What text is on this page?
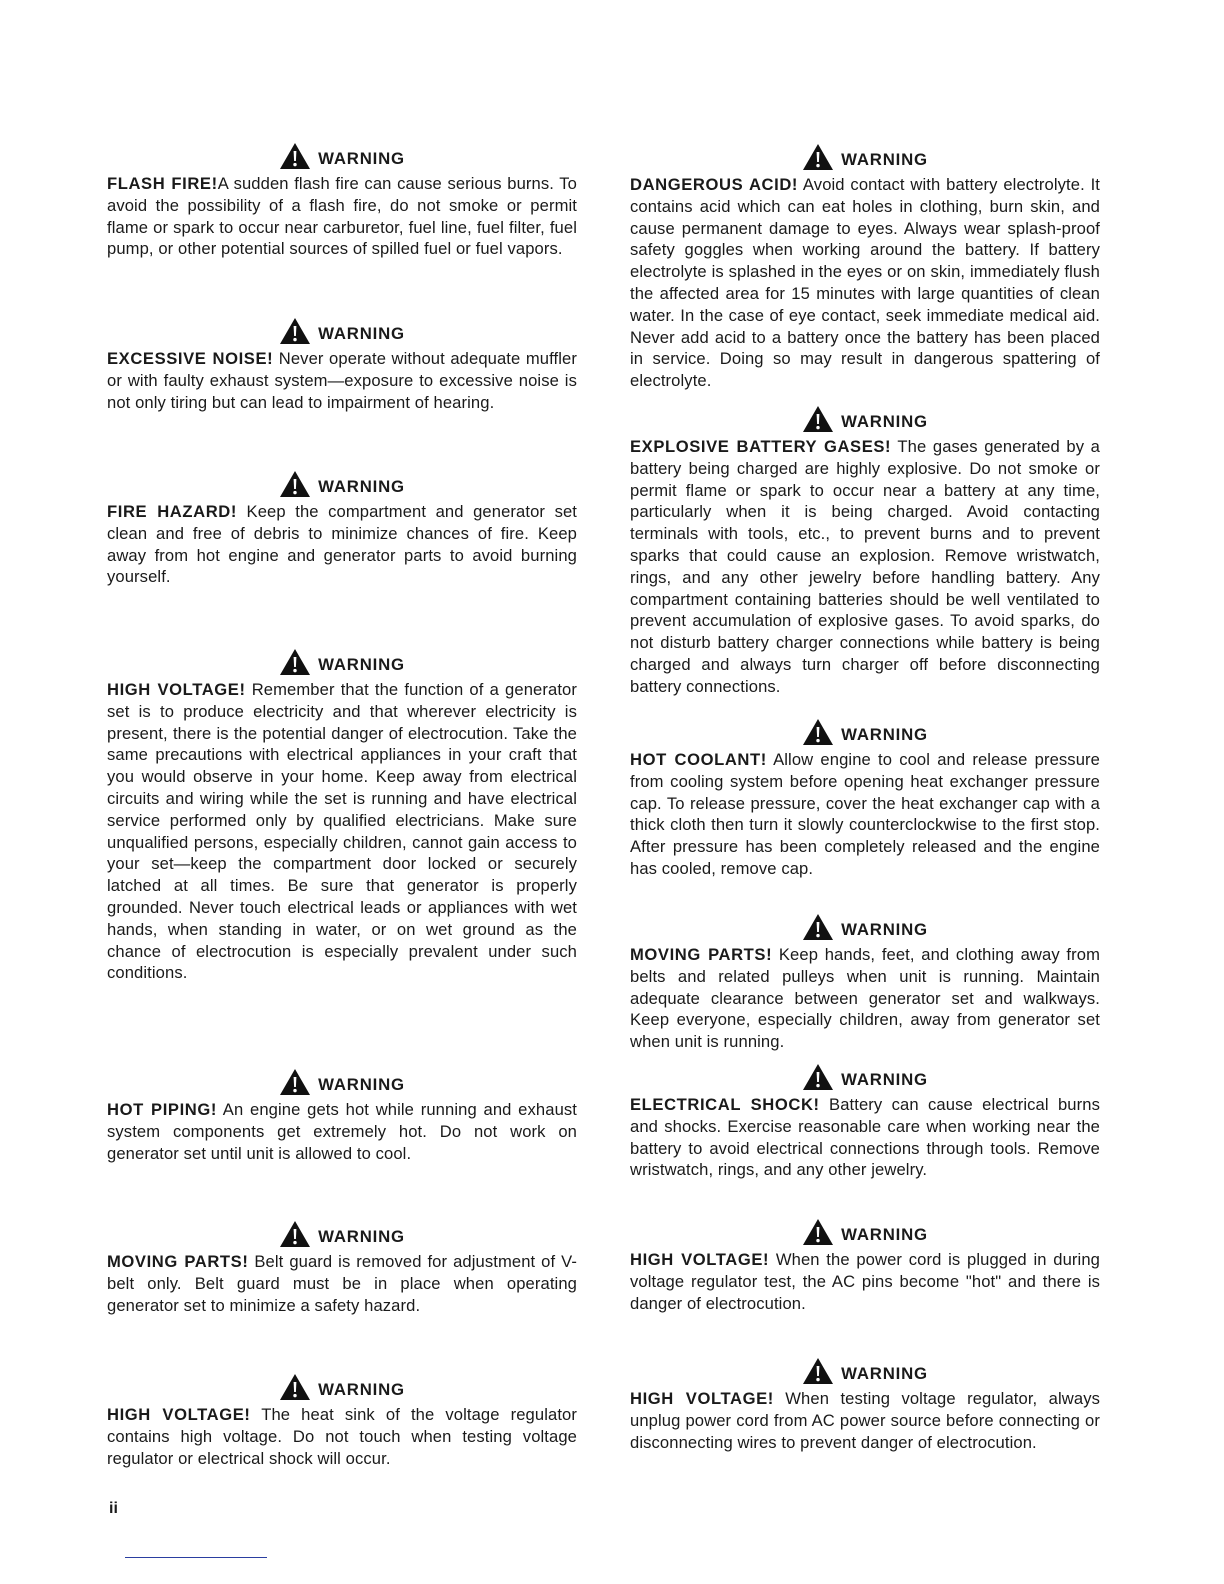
WARNING

FLASH FIRE!A sudden flash fire can cause serious burns. To avoid the possibility of a flash fire, do not smoke or permit flame or spark to occur near carburetor, fuel line, fuel filter, fuel pump, or other potential sources of spilled fuel or fuel vapors.

WARNING

EXCESSIVE NOISE! Never operate without adequate muffler or with faulty exhaust system—exposure to excessive noise is not only tiring but can lead to impairment of hearing.

WARNING

FIRE HAZARD! Keep the compartment and generator set clean and free of debris to minimize chances of fire. Keep away from hot engine and generator parts to avoid burning yourself.

WARNING

HIGH VOLTAGE! Remember that the function of a generator set is to produce electricity and that wherever electricity is present, there is the potential danger of electrocution. Take the same precautions with electrical appliances in your craft that you would observe in your home. Keep away from electrical circuits and wiring while the set is running and have electrical service performed only by qualified electricians. Make sure unqualified persons, especially children, cannot gain access to your set—keep the compartment door locked or securely latched at all times. Be sure that generator is properly grounded. Never touch electrical leads or appliances with wet hands, when standing in water, or on wet ground as the chance of electrocution is especially prevalent under such conditions.

WARNING

HOT PIPING! An engine gets hot while running and exhaust system components get extremely hot. Do not work on generator set until unit is allowed to cool.

WARNING

MOVING PARTS! Belt guard is removed for adjustment of V-belt only. Belt guard must be in place when operating generator set to minimize a safety hazard.

WARNING

HIGH VOLTAGE! The heat sink of the voltage regulator contains high voltage. Do not touch when testing voltage regulator or electrical shock will occur.

WARNING

DANGEROUS ACID! Avoid contact with battery electrolyte. It contains acid which can eat holes in clothing, burn skin, and cause permanent damage to eyes. Always wear splash-proof safety goggles when working around the battery. If battery electrolyte is splashed in the eyes or on skin, immediately flush the affected area for 15 minutes with large quantities of clean water. In the case of eye contact, seek immediate medical aid. Never add acid to a battery once the battery has been placed in service. Doing so may result in dangerous spattering of electrolyte.

WARNING

EXPLOSIVE BATTERY GASES! The gases generated by a battery being charged are highly explosive. Do not smoke or permit flame or spark to occur near a battery at any time, particularly when it is being charged. Avoid contacting terminals with tools, etc., to prevent burns and to prevent sparks that could cause an explosion. Remove wristwatch, rings, and any other jewelry before handling battery. Any compartment containing batteries should be well ventilated to prevent accumulation of explosive gases. To avoid sparks, do not disturb battery charger connections while battery is being charged and always turn charger off before disconnecting battery connections.

WARNING

HOT COOLANT! Allow engine to cool and release pressure from cooling system before opening heat exchanger pressure cap. To release pressure, cover the heat exchanger cap with a thick cloth then turn it slowly counterclockwise to the first stop. After pressure has been completely released and the engine has cooled, remove cap.

WARNING

MOVING PARTS! Keep hands, feet, and clothing away from belts and related pulleys when unit is running. Maintain adequate clearance between generator set and walkways. Keep everyone, especially children, away from generator set when unit is running.

WARNING

ELECTRICAL SHOCK! Battery can cause electrical burns and shocks. Exercise reasonable care when working near the battery to avoid electrical connections through tools. Remove wristwatch, rings, and any other jewelry.

WARNING

HIGH VOLTAGE! When the power cord is plugged in during voltage regulator test, the AC pins become "hot" and there is danger of electrocution.

WARNING

HIGH VOLTAGE! When testing voltage regulator, always unplug power cord from AC power source before connecting or disconnecting wires to prevent danger of electrocution.

ii
